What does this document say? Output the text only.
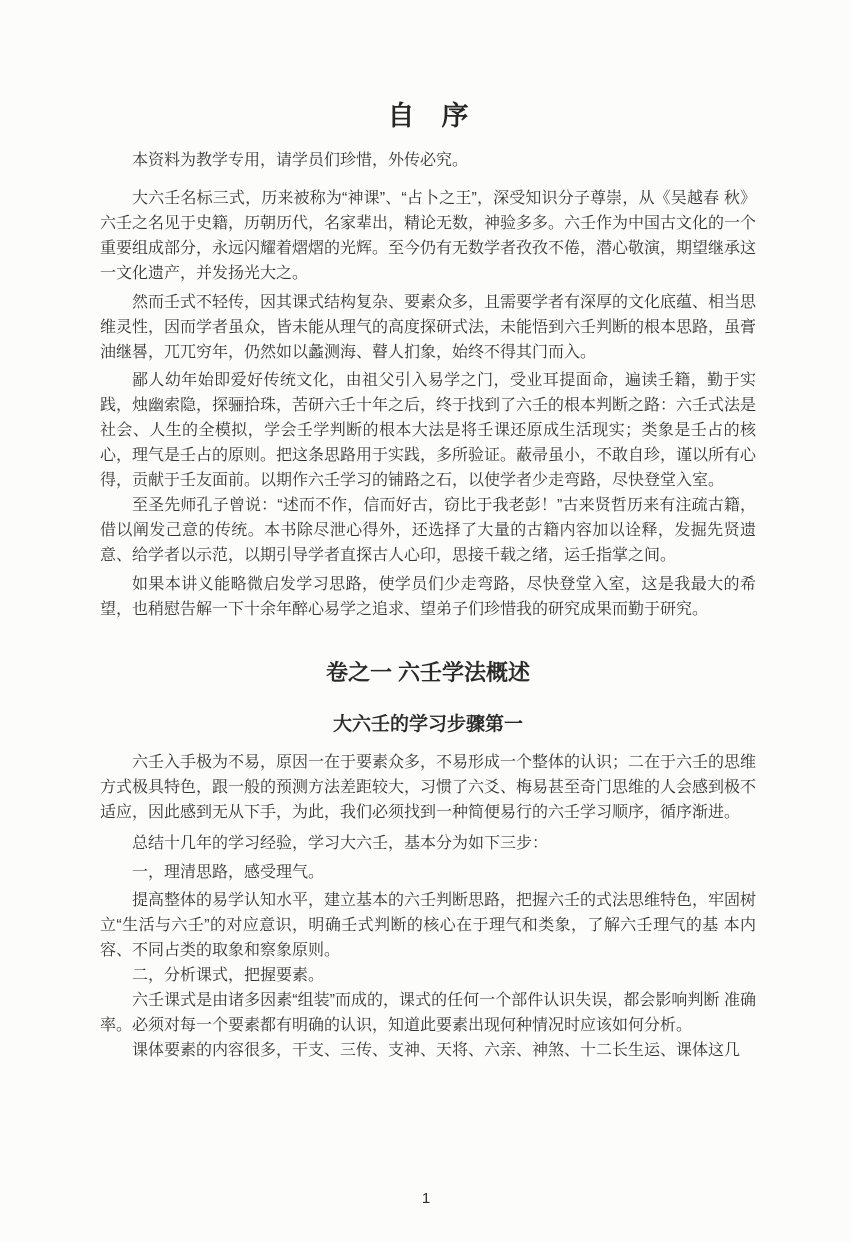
自　序

本资料为教学专用，请学员们珍惜，外传必究。

大六壬名标三式，历来被称为“神课”、“占卜之王”，深受知识分子尊崇，从《吴越春 秋》六壬之名见于史籍，历朝历代，名家辈出，精论无数，神验多多。六壬作为中国古文化的一个重要组成部分，永远闪耀着熠熠的光辉。至今仍有无数学者孜孜不倦，潜心敬演，期望继承这一文化遗产，并发扬光大之。

然而壬式不轻传，因其课式结构复杂、要素众多，且需要学者有深厚的文化底蕴、相当思维灵性，因而学者虽众，皆未能从理气的高度探研式法，未能悟到六壬判断的根本思路，虽膏油继晷，兀兀穷年，仍然如以蠡测海、瞽人扪象，始终不得其门而入。

鄙人幼年始即爱好传统文化，由祖父引入易学之门，受业耳提面命，遍读壬籍，勤于实践，烛幽索隐，探骊拾珠，苦研六壬十年之后，终于找到了六壬的根本判断之路：六壬式法是社会、人生的全模拟，学会壬学判断的根本大法是将壬课还原成生活现实；类象是壬占的核心，理气是壬占的原则。把这条思路用于实践，多所验证。蔽帚虽小，不敢自珍，谨以所有心得，贡献于壬友面前。以期作六壬学习的铺路之石，以使学者少走弯路，尽快登堂入室。

至圣先师孔子曾说：“述而不作，信而好古，窃比于我老彭！”古来贤哲历来有注疏古籍， 借以阐发己意的传统。本书除尽泄心得外，还选择了大量的古籍内容加以诠释，发掘先贤遗 意、给学者以示范，以期引导学者直探古人心印，思接千载之绪，运壬指掌之间。

如果本讲义能略微启发学习思路，使学员们少走弯路，尽快登堂入室，这是我最大的希望，也稍慰告解一下十余年醉心易学之追求、望弟子们珍惜我的研究成果而勤于研究。

卷之一 六壬学法概述
大六壬的学习步骤第一

六壬入手极为不易，原因一在于要素众多，不易形成一个整体的认识；二在于六壬的思维方式极具特色，跟一般的预测方法差距较大，习惯了六爻、梅易甚至奇门思维的人会感到极不适应，因此感到无从下手，为此，我们必须找到一种简便易行的六壬学习顺序，循序渐进。

总结十几年的学习经验，学习大六壬，基本分为如下三步：

一，理清思路，感受理气。

提高整体的易学认知水平，建立基本的六壬判断思路，把握六壬的式法思维特色，牢固树立“生活与六壬”的对应意识，明确壬式判断的核心在于理气和类象，了解六壬理气的基 本内容、不同占类的取象和察象原则。

二，分析课式，把握要素。

六壬课式是由诸多因素“组装”而成的，课式的任何一个部件认识失误，都会影响判断 准确率。必须对每一个要素都有明确的认识，知道此要素出现何种情况时应该如何分析。

课体要素的内容很多，干支、三传、支神、天将、六亲、神煞、十二长生运、课体这几

1
